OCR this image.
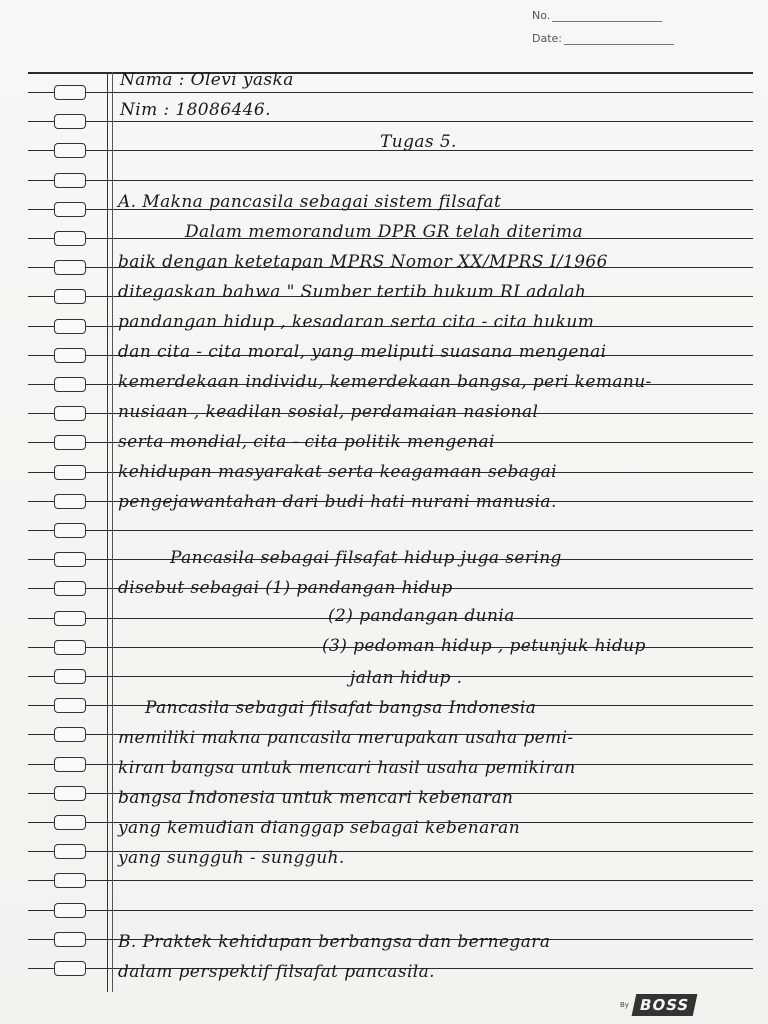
No.
Date:
Nama : Olevi yaska
Nim : 18086446.
Tugas 5.
A. Makna pancasila sebagai sistem filsafat
Dalam memorandum DPR GR telah diterima
baik dengan ketetapan MPRS Nomor XX/MPRS I/1966
ditegaskan bahwa " Sumber tertib hukum RI adalah
pandangan hidup , kesadaran serta cita - cita hukum
dan cita - cita moral, yang meliputi suasana mengenai
kemerdekaan individu, kemerdekaan bangsa, peri kemanu-
nusiaan , keadilan sosial, perdamaian nasional
serta mondial, cita - cita politik mengenai
kehidupan masyarakat serta keagamaan sebagai
pengejawantahan dari budi hati nurani manusia.
Pancasila sebagai filsafat hidup juga sering
disebut sebagai (1) pandangan hidup
(2) pandangan dunia
(3) pedoman hidup , petunjuk hidup
jalan hidup .
Pancasila sebagai filsafat bangsa Indonesia
memiliki makna pancasila merupakan usaha pemi-
kiran bangsa untuk mencari hasil usaha pemikiran
bangsa Indonesia untuk mencari kebenaran
yang kemudian dianggap sebagai kebenaran
yang sungguh - sungguh.
B. Praktek kehidupan berbangsa dan bernegara
dalam perspektif filsafat pancasila.
By BOSS
